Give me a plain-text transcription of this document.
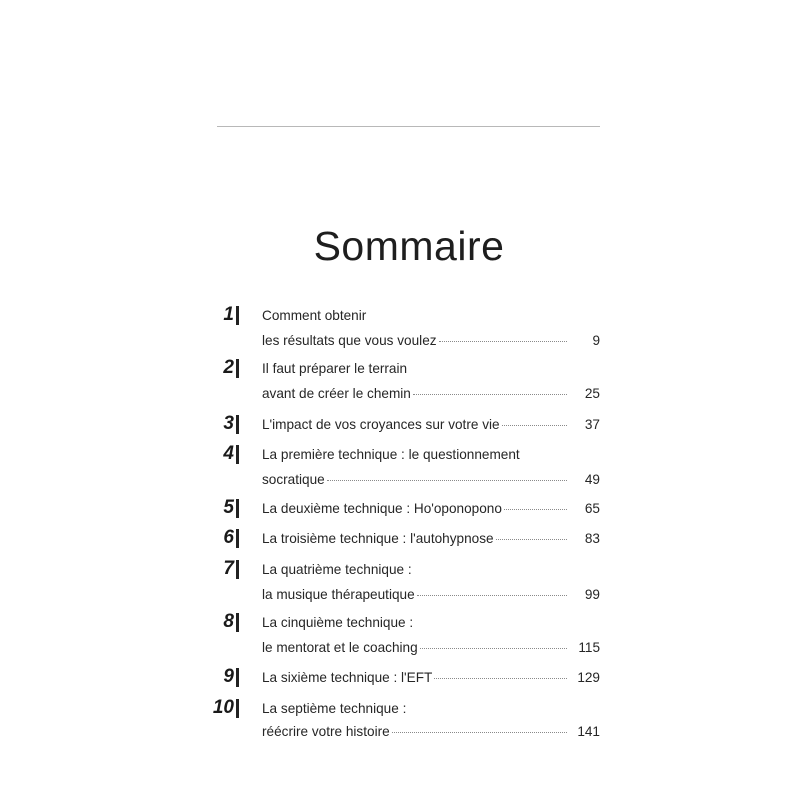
Sommaire
1 Comment obtenir
les résultats que vous voulez	9
2 Il faut préparer le terrain
avant de créer le chemin	25
3 L'impact de vos croyances sur votre vie	37
4 La première technique : le questionnement
socratique	49
5 La deuxième technique : Ho'oponopono	65
6 La troisième technique : l'autohypnose	83
7 La quatrième technique :
la musique thérapeutique	99
8 La cinquième technique :
le mentorat et le coaching	115
9 La sixième technique : l'EFT	129
10 La septième technique :
réécrire votre histoire	141
